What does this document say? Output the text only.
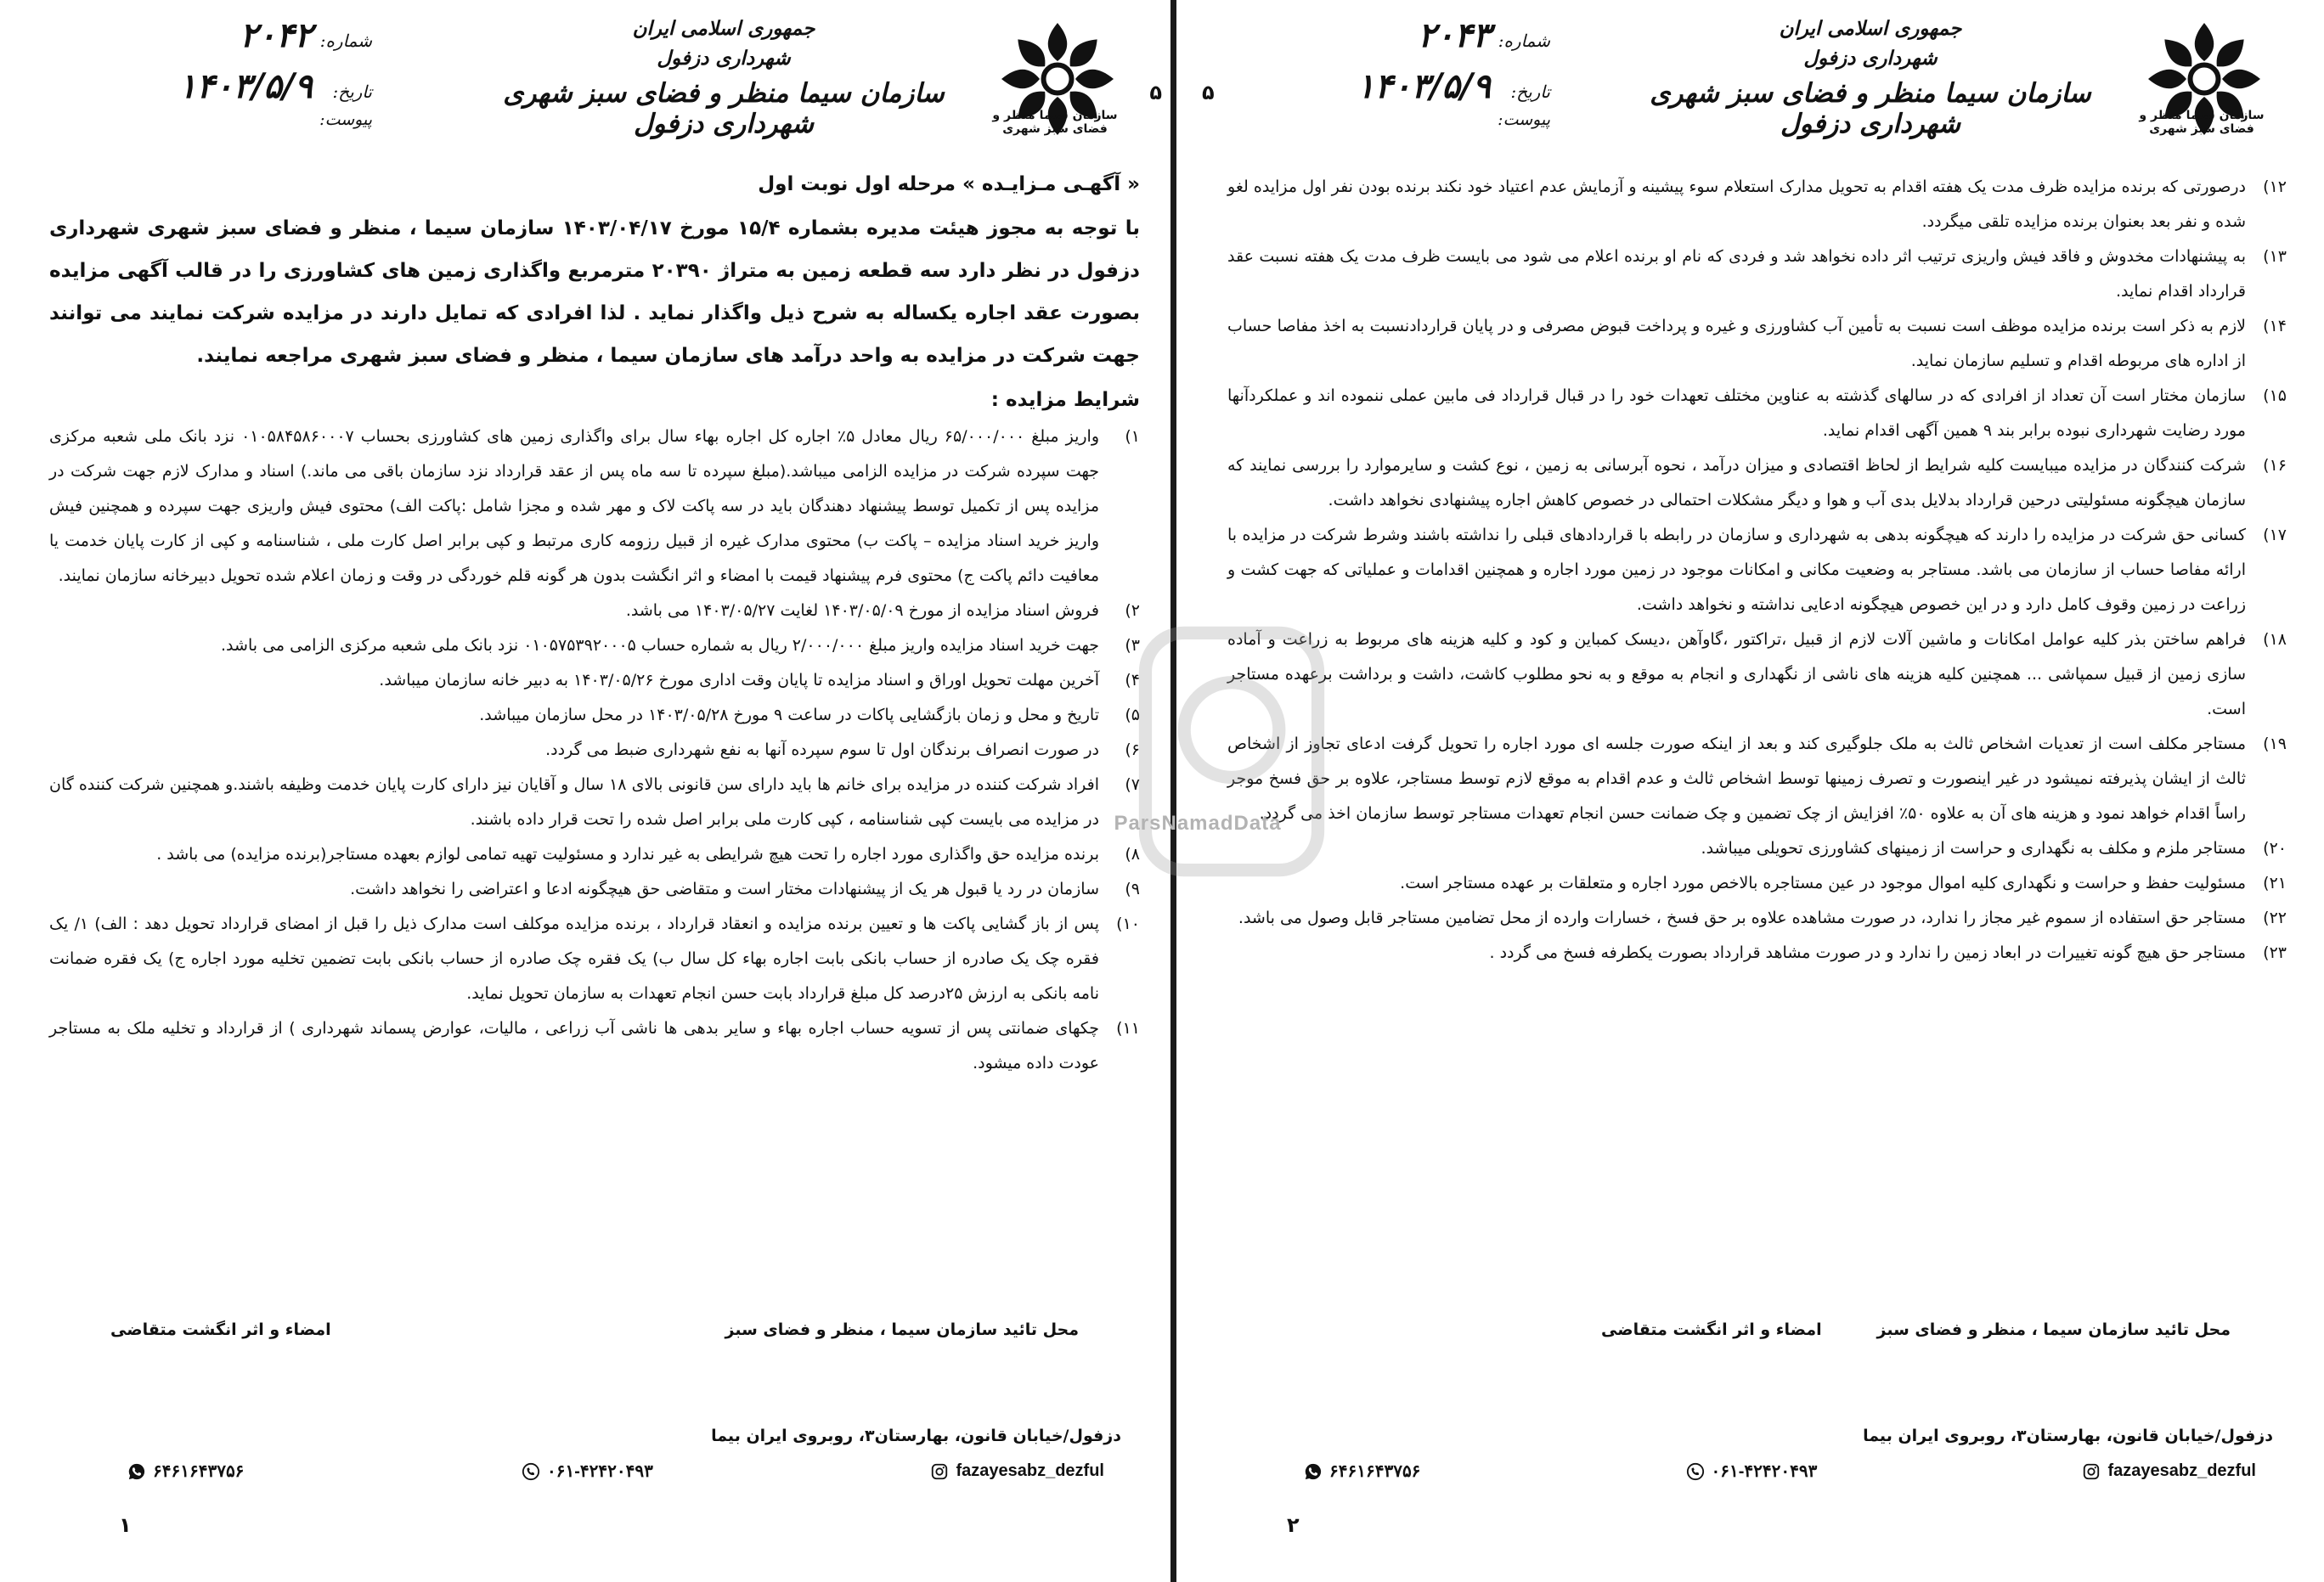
سازمان سیما منظر و فضای سبز شهری
جمهوری اسلامی ایران
شهرداری دزفول
سازمان سیما منظر و فضای سبز شهری شهرداری دزفول
شماره:
۲۰۴۲
تاریخ:
۱۴۰۳/۵/۹
پیوست:
۵
« آگهـی مـزایـده » مرحله اول نوبت اول
با توجه به مجوز هیئت مدیره بشماره ۱۵/۴ مورخ ۱۴۰۳/۰۴/۱۷ سازمان سیما ، منظر و فضای سبز شهری شهرداری دزفول در نظر دارد سه قطعه زمین به متراژ ۲۰۳۹۰ مترمربع واگذاری زمین های کشاورزی را در قالب آگهی مزایده بصورت عقد اجاره یکساله به شرح ذیل واگذار نماید . لذا افرادی که تمایل دارند در مزایده شرکت نمایند می توانند جهت شرکت در مزایده به واحد درآمد های سازمان سیما ، منظر و فضای سبز شهری مراجعه نمایند.
شرایط مزایده :
۱)
واریز مبلغ ۶۵/۰۰۰/۰۰۰ ریال معادل ۵٪ اجاره کل اجاره بهاء سال برای واگذاری زمین های کشاورزی بحساب ۰۱۰۵۸۴۵۸۶۰۰۰۷ نزد بانک ملی شعبه مرکزی جهت سپرده شرکت در مزایده الزامی میباشد.(مبلغ سپرده تا سه ماه پس از عقد قرارداد نزد سازمان باقی می ماند.) اسناد و مدارک لازم جهت شرکت در مزایده پس از تکمیل توسط پیشنهاد دهندگان باید در سه پاکت لاک و مهر شده و مجزا شامل :پاکت الف) محتوی فیش واریزی جهت سپرده و همچنین فیش واریز خرید اسناد مزایده – پاکت ب) محتوی مدارک غیره از قبیل رزومه کاری مرتبط و کپی برابر اصل کارت ملی ، شناسنامه و کپی از کارت پایان خدمت یا معافیت دائم پاکت ج) محتوی فرم پیشنهاد قیمت با امضاء و اثر انگشت بدون هر گونه قلم خوردگی در وقت و زمان اعلام شده تحویل دبیرخانه سازمان نمایند.
۲)
فروش اسناد مزایده از مورخ ۱۴۰۳/۰۵/۰۹ لغایت ۱۴۰۳/۰۵/۲۷ می باشد.
۳)
جهت خرید اسناد مزایده واریز مبلغ ۲/۰۰۰/۰۰۰ ریال به شماره حساب ۰۱۰۵۷۵۳۹۲۰۰۰۵ نزد بانک ملی شعبه مرکزی الزامی می باشد.
۴)
آخرین مهلت تحویل اوراق و اسناد مزایده تا پایان وقت اداری مورخ ۱۴۰۳/۰۵/۲۶ به دبیر خانه سازمان میباشد.
۵)
تاریخ و محل و زمان بازگشایی پاکات در ساعت ۹ مورخ ۱۴۰۳/۰۵/۲۸ در محل سازمان میباشد.
۶)
در صورت انصراف برندگان اول تا سوم سپرده آنها به نفع شهرداری ضبط می گردد.
۷)
افراد شرکت کننده در مزایده برای خانم ها باید دارای سن قانونی بالای ۱۸ سال و آقایان نیز دارای کارت پایان خدمت وظیفه باشند.و همچنین شرکت کننده گان در مزایده می بایست کپی شناسنامه ، کپی کارت ملی برابر اصل شده را تحت قرار داده باشند.
۸)
برنده مزایده حق واگذاری مورد اجاره را تحت هیچ شرایطی به غیر ندارد و مسئولیت تهیه تمامی لوازم بعهده مستاجر(برنده مزایده) می باشد .
۹)
سازمان در رد یا قبول هر یک از پیشنهادات مختار است و متقاضی حق هیچگونه ادعا و اعتراضی را نخواهد داشت.
۱۰)
پس از باز گشایی پاکت ها و تعیین برنده مزایده و انعقاد قرارداد ، برنده مزایده موکلف است مدارک ذیل را قبل از امضای قرارداد تحویل دهد : الف) ۱/ یک فقره چک یک صادره از حساب بانکی بابت اجاره بهاء کل سال ب) یک فقره چک صادره از حساب بانکی بابت تضمین تخلیه مورد اجاره ج) یک فقره ضمانت نامه بانکی به ارزش ۲۵درصد کل مبلغ قرارداد بابت حسن انجام تعهدات به سازمان تحویل نماید.
۱۱)
چکهای ضمانتی پس از تسویه حساب اجاره بهاء و سایر بدهی ها ناشی آب زراعی ، مالیات، عوارض پسماند شهرداری ) از قرارداد و تخلیه ملک به مستاجر عودت داده میشود.
محل تائید سازمان سیما ، منظر و فضای سبز
امضاء و اثر انگشت متقاضی
دزفول/خیابان قانون، بهارستان۳، روبروی ایران بیما
۶۴۶۱۶۴۳۷۵۶	۰۶۱-۴۲۴۲۰۴۹۳	fazayesabz_dezful
۱
سازمان سیما منظر و فضای سبز شهری
جمهوری اسلامی ایران
شهرداری دزفول
سازمان سیما منظر و فضای سبز شهری شهرداری دزفول
شماره:
۲۰۴۳
تاریخ:
۱۴۰۳/۵/۹
پیوست:
۵
۱۲)
درصورتی که برنده مزایده ظرف مدت یک هفته اقدام به تحویل مدارک استعلام سوء پیشینه و آزمایش عدم اعتیاد خود نکند برنده بودن نفر اول مزایده لغو شده و نفر بعد بعنوان برنده مزایده تلقی میگردد.
۱۳)
به پیشنهادات مخدوش و فاقد فیش واریزی ترتیب اثر داده نخواهد شد و فردی که نام او برنده اعلام می شود می بایست ظرف مدت یک هفته نسبت عقد قرارداد اقدام نماید.
۱۴)
لازم به ذکر است برنده مزایده موظف است نسبت به تأمین آب کشاورزی و غیره و پرداخت قبوض مصرفی و در پایان قراردادنسبت به اخذ مفاصا حساب از اداره های مربوطه اقدام و تسلیم سازمان نماید.
۱۵)
سازمان مختار است آن تعداد از افرادی که در سالهای گذشته به عناوین مختلف تعهدات خود را در قبال قرارداد فی مابین عملی ننموده اند و عملکردآنها مورد رضایت شهرداری نبوده برابر بند ۹ همین آگهی اقدام نماید.
۱۶)
شرکت کنندگان در مزایده میبایست کلیه شرایط از لحاظ اقتصادی و میزان درآمد ، نحوه آبرسانی به زمین ، نوع کشت و سایرموارد را بررسی نمایند که سازمان هیچگونه مسئولیتی درحین قرارداد بدلایل بدی آب و هوا و دیگر مشکلات احتمالی در خصوص کاهش اجاره پیشنهادی نخواهد داشت.
۱۷)
کسانی حق شرکت در مزایده را دارند که هیچگونه بدهی به شهرداری و سازمان در رابطه با قراردادهای قبلی را نداشته باشند وشرط شرکت در مزایده با ارائه مفاصا حساب از سازمان می باشد. مستاجر به وضعیت مکانی و امکانات موجود در زمین مورد اجاره و همچنین اقدامات و عملیاتی که جهت کشت و زراعت در زمین وقوف کامل دارد و در این خصوص هیچگونه ادعایی نداشته و نخواهد داشت.
۱۸)
فراهم ساختن بذر کلیه عوامل امکانات و ماشین آلات لازم از قبیل ،تراکتور ،گاوآهن ،دیسک کمباین و کود و کلیه هزینه های مربوط به زراعت و آماده سازی زمین از قبیل سمپاشی ... همچنین کلیه هزینه های ناشی از نگهداری و انجام به موقع و به نحو مطلوب کاشت، داشت و برداشت برعهده مستاجر است.
۱۹)
مستاجر مکلف است از تعدیات اشخاص ثالث به ملک جلوگیری کند و بعد از اینکه صورت جلسه ای مورد اجاره را تحویل گرفت ادعای تجاوز از اشخاص ثالث از ایشان پذیرفته نمیشود در غیر اینصورت و تصرف زمینها توسط اشخاص ثالث و عدم اقدام به موقع لازم توسط مستاجر، علاوه بر حق فسخ موجر راساً اقدام خواهد نمود و هزینه های آن به علاوه ۵۰٪ افزایش از چک تضمین و چک ضمانت حسن انجام تعهدات مستاجر توسط سازمان اخذ می گردد.
۲۰)
مستاجر ملزم و مکلف به نگهداری و حراست از زمینهای کشاورزی تحویلی میباشد.
۲۱)
مسئولیت حفظ و حراست و نگهداری کلیه اموال موجود در عین مستاجره بالاخص مورد اجاره و متعلقات بر عهده مستاجر است.
۲۲)
مستاجر حق استفاده از سموم غیر مجاز را ندارد، در صورت مشاهده علاوه بر حق فسخ ، خسارات وارده از محل تضامین مستاجر قابل وصول می باشد.
۲۳)
مستاجر حق هیچ گونه تغییرات در ابعاد زمین را ندارد و در صورت مشاهد قرارداد بصورت یکطرفه فسخ می گردد .
محل تائید سازمان سیما ، منظر و فضای سبز
امضاء و اثر انگشت متقاضی
دزفول/خیابان قانون، بهارستان۳، روبروی ایران بیما
۶۴۶۱۶۴۳۷۵۶	۰۶۱-۴۲۴۲۰۴۹۳	fazayesabz_dezful
۲
ParsNamadData
